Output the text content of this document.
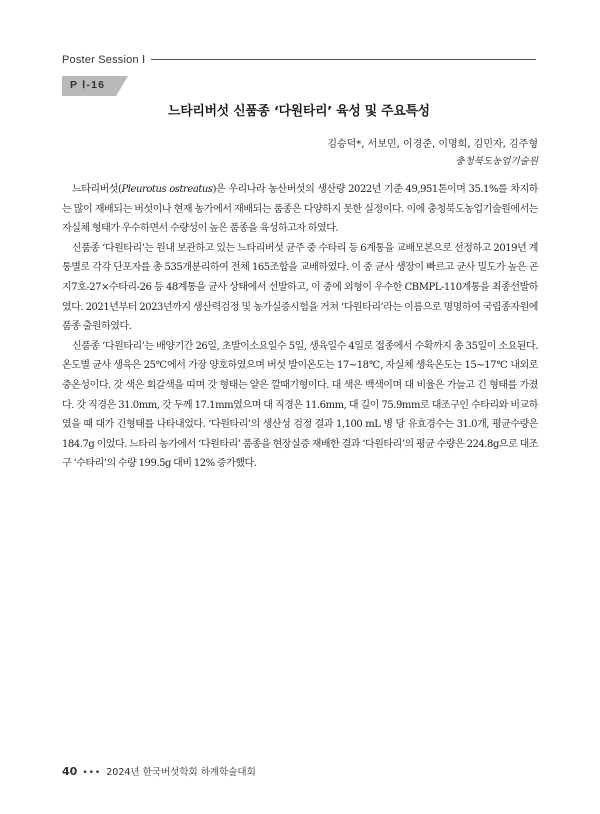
Poster Session Ⅰ
P Ⅰ-16
느타리버섯 신품종 ‘다원타리’ 육성 및 주요특성
김승덕*, 서보민, 이경준, 이명희, 김민자, 김주형
충청북도농업기술원

느타리버섯(Pleurotus ostreatus)은 우리나라 농산버섯의 생산량 2022년 기준 49,951톤이며 35.1%를 차지하는 많이 재배되는 버섯이나 현재 농가에서 재배되는 품종은 다양하지 못한 실정이다. 이에 충청북도농업기술원에서는 자실체 형태가 우수하면서 수량성이 높은 품종을 육성하고자 하였다.

신품종 ‘다원타리’는 원내 보관하고 있는 느타리버섯 균주 중 수타리 등 6계통을 교배모본으로 선정하고 2019년 계통별로 각각 단포자를 총 535개분리하여 전체 165조합을 교배하였다. 이 중 균사 생장이 빠르고 균사 밀도가 높은 곤지7호-27×수타리-26 등 48계통을 균사 상태에서 선발하고, 이 중에 외형이 우수한 CBMPL-110계통을 최종선발하였다. 2021년부터 2023년까지 생산력검정 및 농가실증시험을 거쳐 ‘다원타리’라는 이름으로 명명하여 국립종자원에 품종 출원하였다.

신품종 ‘다원타리’는 배양기간 26일, 초발이소요일수 5일, 생육일수 4일로 접종에서 수확까지 총 35일이 소요된다. 온도별 균사 생육은 25℃에서 가장 양호하였으며 버섯 발이온도는 17∼18℃, 자실체 생육온도는 15∼17℃ 내외로 중온성이다. 갓 색은 회갈색을 띠며 갓 형태는 얕은 깔때기형이다. 대 색은 백색이며 대 비율은 가늘고 긴 형태를 가졌다. 갓 직경은 31.0mm, 갓 두께 17.1mm였으며 대 직경은 11.6mm, 대 길이 75.9mm로 대조구인 수타리와 비교하였을 때 대가 긴형태를 나타내었다. ‘다원타리’의 생산성 검정 결과 1,100 mL 병 당 유효경수는 31.0개, 평균수량은 184.7g 이었다. 느타리 농가에서 ‘다원타리’ 품종을 현장실증 재배한 결과 ‘다원타리’의 평균 수량은 224.8g으로 대조구 ‘수타리’의 수량 199.5g 대비 12% 증가했다.

40 ••• 2024년 한국버섯학회 하계학술대회
